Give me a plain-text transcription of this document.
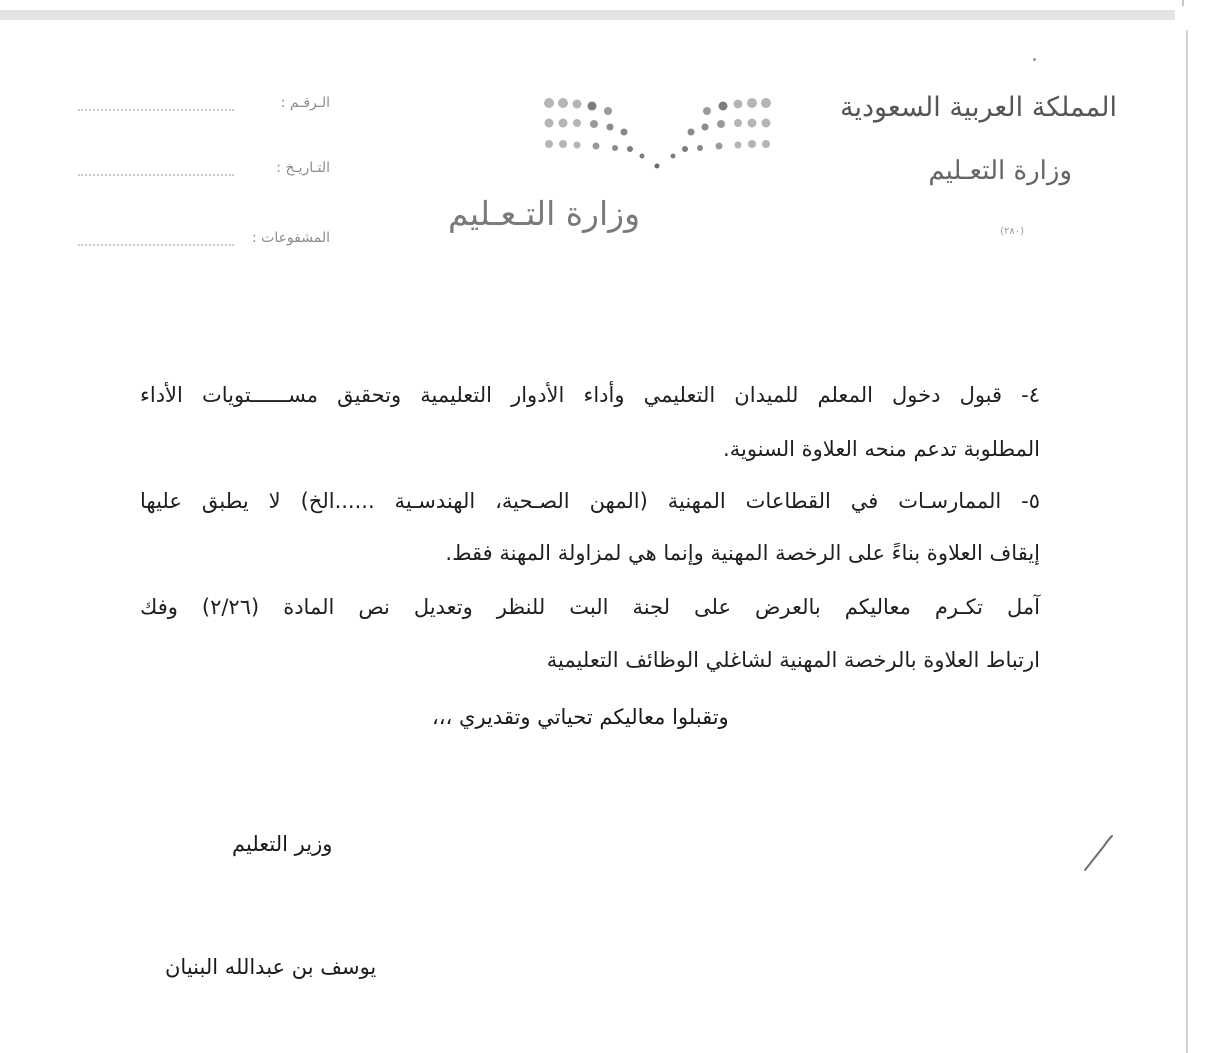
المملكة العربية السعودية
وزارة التعـليم
(٢٨٠)
وزارة التـعـليم
الـرقـم :
التـاريـخ :
المشفوعات :
٤- قبول دخول المعلم للميدان التعليمي وأداء الأدوار التعليمية وتحقيق مســــــتويات الأداء
المطلوبة تدعم منحه العلاوة السنوية.
٥- الممارسـات في القطاعات المهنية (المهن الصـحية، الهندسـية ......الخ) لا يطبق عليها
إيقاف العلاوة بناءً على الرخصة المهنية وإنما هي لمزاولة المهنة فقط.
آمل تكـرم معاليكم بالعرض على لجنة البت للنظر وتعديل نص المادة (٢/٢٦) وفك
ارتباط العلاوة بالرخصة المهنية لشاغلي الوظائف التعليمية
وتقبلوا معاليكم تحياتي وتقديري ،،،
وزير التعليم
يوسف بن عبدالله البنيان
